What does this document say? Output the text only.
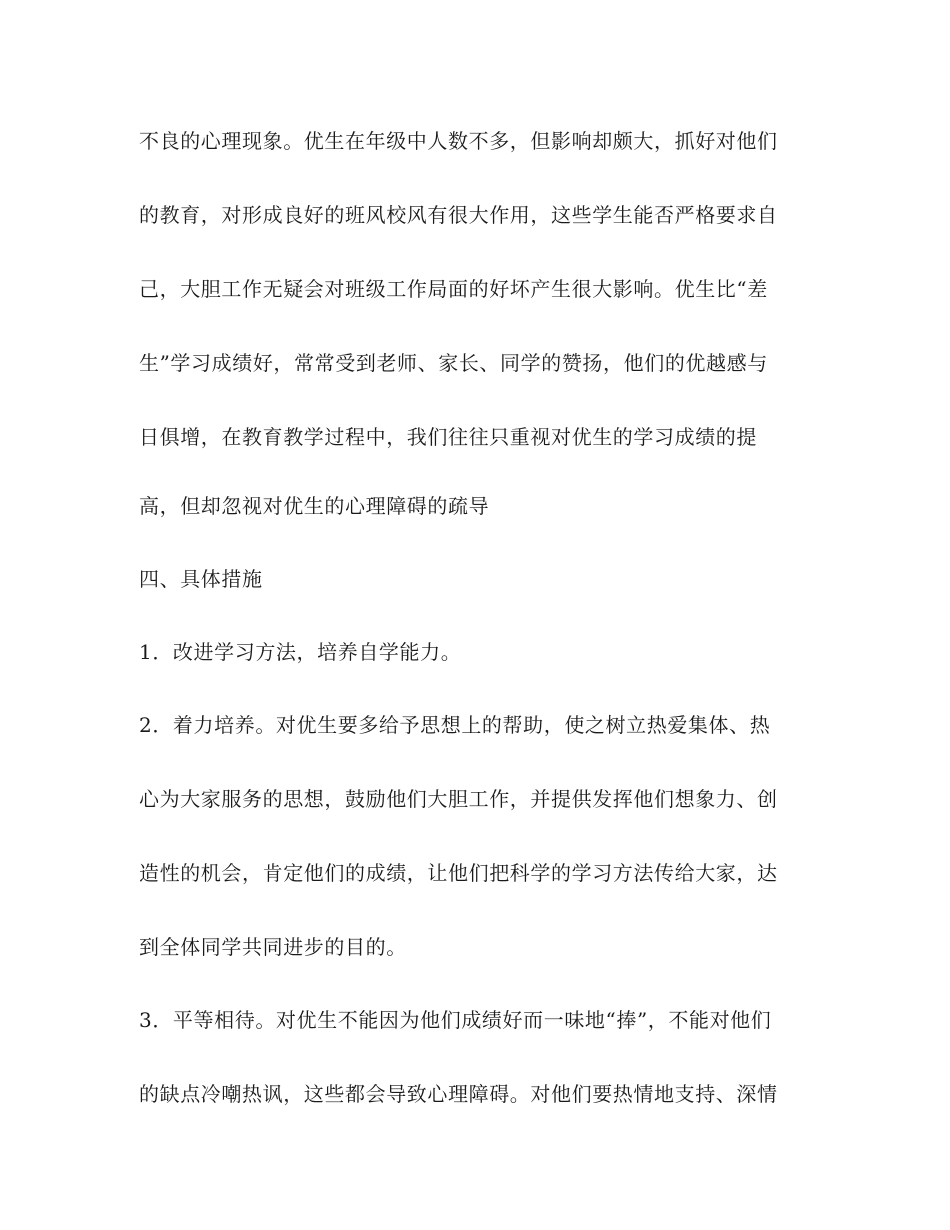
不良的心理现象。优生在年级中人数不多，但影响却颇大，抓好对他们

的教育，对形成良好的班风校风有很大作用，这些学生能否严格要求自

己，大胆工作无疑会对班级工作局面的好坏产生很大影响。优生比“差

生”学习成绩好，常常受到老师、家长、同学的赞扬，他们的优越感与

日俱增，在教育教学过程中，我们往往只重视对优生的学习成绩的提

高，但却忽视对优生的心理障碍的疏导

四、具体措施

1．改进学习方法，培养自学能力。

2．着力培养。对优生要多给予思想上的帮助，使之树立热爱集体、热

心为大家服务的思想，鼓励他们大胆工作，并提供发挥他们想象力、创

造性的机会，肯定他们的成绩，让他们把科学的学习方法传给大家，达

到全体同学共同进步的目的。

3．平等相待。对优生不能因为他们成绩好而一味地“捧”，不能对他们

的缺点冷嘲热讽，这些都会导致心理障碍。对他们要热情地支持、深情
